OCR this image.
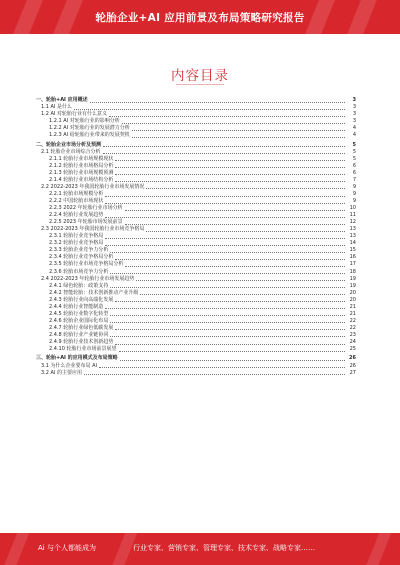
轮胎企业+AI 应用前景及布局策略研究报告
内容目录
一、轮胎+AI 应用概述	3
1.1 AI 是什么	3
1.2 AI 对轮胎行业有什么意义	3
1.2.1 AI 对轮胎行业的影响分析	3
1.2.2 AI 对轮胎行业的发展潜力分析	4
1.2.3 AI 给轮胎行业带来的发展契机	4
二、轮胎企业市场分析及预测	5
2.1 轮胎企业市场综合分析	5
2.1.1 轮胎行业市场规模现状	5
2.1.2 轮胎行业市场格局分析	6
2.1.3 轮胎行业市场规模预测	6
2.1.4 轮胎行业市场结构分析	7
2.2 2022-2023 年我国轮胎行业市场发展情况	9
2.2.1 轮胎市场规模分析	9
2.2.2 中国轮胎市场现状	9
2.2.3 2022 年轮胎行业市场分析	10
2.2.4 轮胎行业发展趋势	11
2.2.5 2023 年轮胎市场发展前景	12
2.3 2022-2023 年我国轮胎行业市场竞争格局	13
2.3.1 轮胎行业竞争格局	13
2.3.2 轮胎行业竞争格局	14
2.3.3 轮胎企业竞争力分析	15
2.3.4 轮胎行业竞争格局分析	16
2.3.5 轮胎行业市场竞争格局分析	17
2.3.6 轮胎市场竞争力分析	18
2.4 2022-2023 年轮胎行业市场发展趋势	19
2.4.1 绿色轮胎：政策支持	19
2.4.2 智能轮胎：技术创新推动产业升级	20
2.4.3 轮胎行业向高端化发展	20
2.4.4 轮胎行业智能制造	21
2.4.5 轮胎行业数字化转型	21
2.4.6 轮胎企业国际化布局	22
2.4.7 轮胎行业绿色低碳发展	22
2.4.8 轮胎行业产业链协同	23
2.4.9 轮胎行业技术创新趋势	24
2.4.10 轮胎行业市场前景展望	25
三、轮胎+AI 的应用模式及布局策略	26
3.1 为什么企业要布局 AI	26
3.2 AI 的主要应用	27
Ai 与个人都能成为	行业专家、营销专家、管理专家、技术专家、战略专家……
